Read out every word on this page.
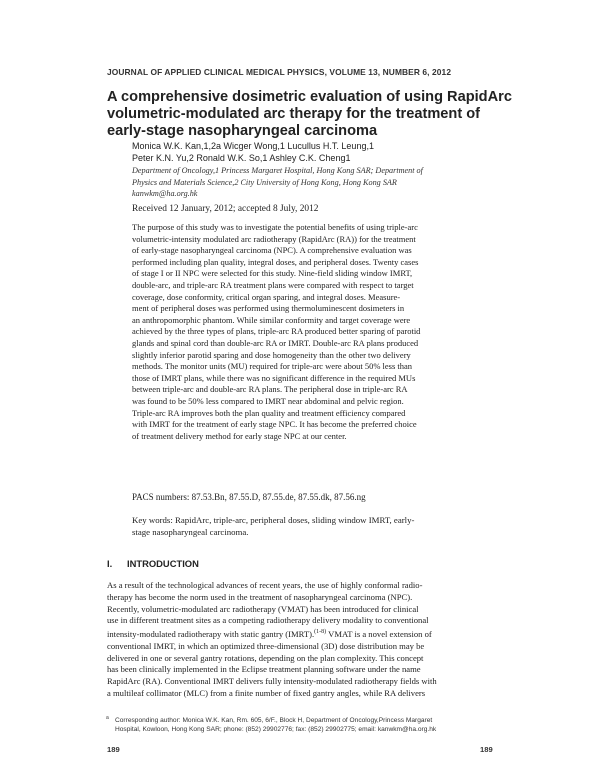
JOURNAL OF APPLIED CLINICAL MEDICAL PHYSICS, VOLUME 13, NUMBER 6, 2012
A comprehensive dosimetric evaluation of using RapidArc
volumetric-modulated arc therapy for the treatment of
early-stage nasopharyngeal carcinoma
Monica W.K. Kan,1,2a Wicger Wong,1 Lucullus H.T. Leung,1
Peter K.N. Yu,2 Ronald W.K. So,1 Ashley C.K. Cheng1
Department of Oncology,1 Princess Margaret Hospital, Hong Kong SAR; Department of
Physics and Materials Science,2 City University of Hong Kong, Hong Kong SAR
kanwkm@ha.org.hk
Received 12 January, 2012; accepted 8 July, 2012
The purpose of this study was to investigate the potential benefits of using triple-arc
volumetric-intensity modulated arc radiotherapy (RapidArc (RA)) for the treatment
of early-stage nasopharyngeal carcinoma (NPC). A comprehensive evaluation was
performed including plan quality, integral doses, and peripheral doses. Twenty cases
of stage I or II NPC were selected for this study. Nine-field sliding window IMRT,
double-arc, and triple-arc RA treatment plans were compared with respect to target
coverage, dose conformity, critical organ sparing, and integral doses. Measure-
ment of peripheral doses was performed using thermoluminescent dosimeters in
an anthropomorphic phantom. While similar conformity and target coverage were
achieved by the three types of plans, triple-arc RA produced better sparing of parotid
glands and spinal cord than double-arc RA or IMRT. Double-arc RA plans produced
slightly inferior parotid sparing and dose homogeneity than the other two delivery
methods. The monitor units (MU) required for triple-arc were about 50% less than
those of IMRT plans, while there was no significant difference in the required MUs
between triple-arc and double-arc RA plans. The peripheral dose in triple-arc RA
was found to be 50% less compared to IMRT near abdominal and pelvic region.
Triple-arc RA improves both the plan quality and treatment efficiency compared
with IMRT for the treatment of early stage NPC. It has become the preferred choice
of treatment delivery method for early stage NPC at our center.
PACS numbers: 87.53.Bn, 87.55.D, 87.55.de, 87.55.dk, 87.56.ng
Key words: RapidArc, triple-arc, peripheral doses, sliding window IMRT, early-
stage nasopharyngeal carcinoma.
I. INTRODUCTION
As a result of the technological advances of recent years, the use of highly conformal radio-
therapy has become the norm used in the treatment of nasopharyngeal carcinoma (NPC).
Recently, volumetric-modulated arc radiotherapy (VMAT) has been introduced for clinical
use in different treatment sites as a competing radiotherapy delivery modality to conventional
intensity-modulated radiotherapy with static gantry (IMRT).$^{(1-8)}$ VMAT is a novel extension of
conventional IMRT, in which an optimized three-dimensional (3D) dose distribution may be
delivered in one or several gantry rotations, depending on the plan complexity. This concept
has been clinically implemented in the Eclipse treatment planning software under the name
RapidArc (RA). Conventional IMRT delivers fully intensity-modulated radiotherapy fields with
a multileaf collimator (MLC) from a finite number of fixed gantry angles, while RA delivers
a Corresponding author: Monica W.K. Kan, Rm. 605, 6/F., Block H, Department of Oncology,Princess Margaret
Hospital, Kowloon, Hong Kong SAR; phone: (852) 29902776; fax: (852) 29902775; email: kanwkm@ha.org.hk
189	189
